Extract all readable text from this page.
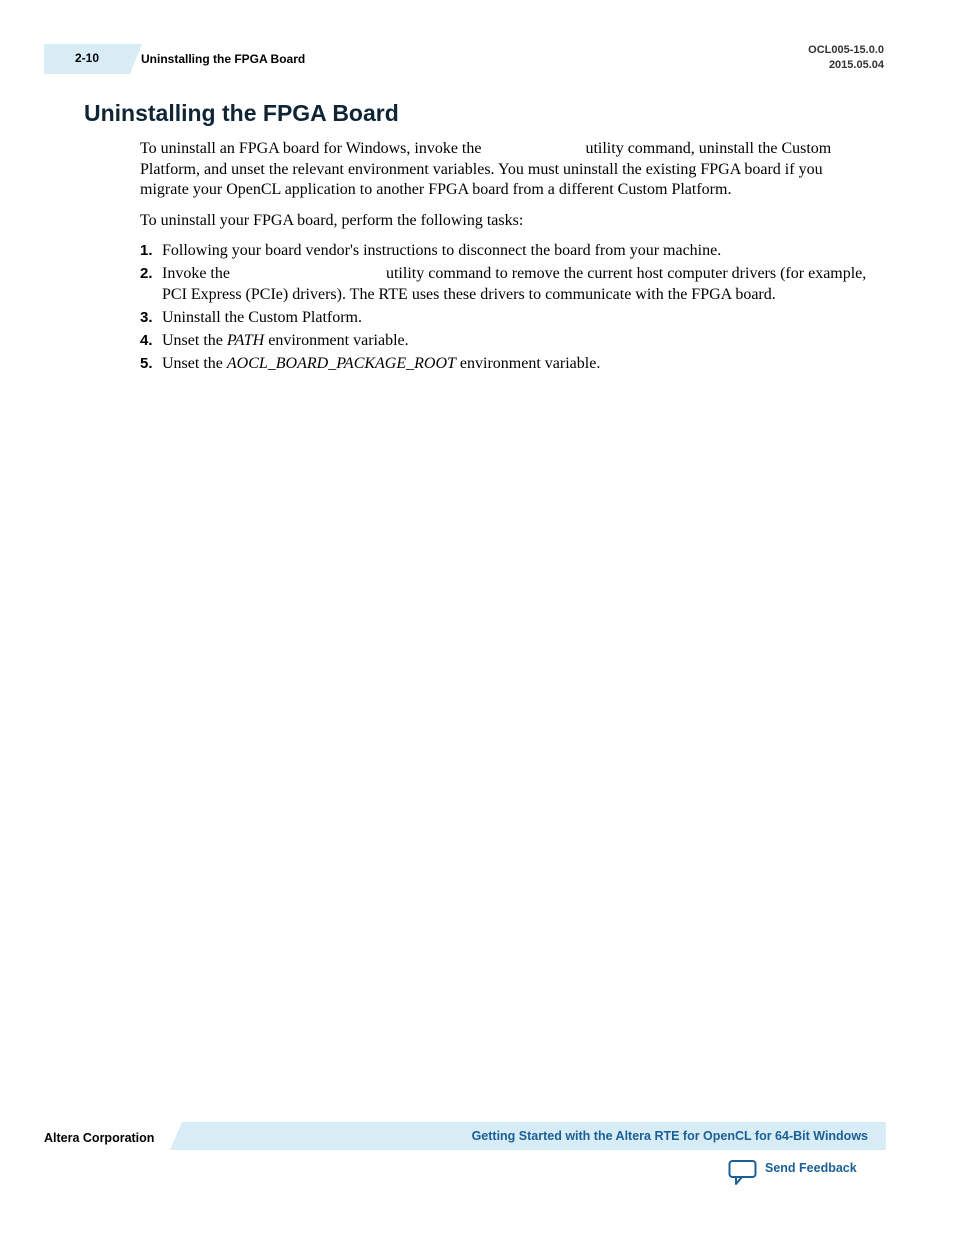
2-10	Uninstalling the FPGA Board
OCL005-15.0.0
2015.05.04
Uninstalling the FPGA Board

To uninstall an FPGA board for Windows, invoke the	utility command, uninstall the Custom Platform, and unset the relevant environment variables. You must uninstall the existing FPGA board if you migrate your OpenCL application to another FPGA board from a different Custom Platform.

To uninstall your FPGA board, perform the following tasks:

1. Following your board vendor's instructions to disconnect the board from your machine.
2. Invoke the	utility command to remove the current host computer drivers (for example, PCI Express (PCIe) drivers). The RTE uses these drivers to communicate with the FPGA board.
3. Uninstall the Custom Platform.
4. Unset the PATH environment variable.
5. Unset the AOCL_BOARD_PACKAGE_ROOT environment variable.
Altera Corporation	Getting Started with the Altera RTE for OpenCL for 64-Bit Windows
Send Feedback
